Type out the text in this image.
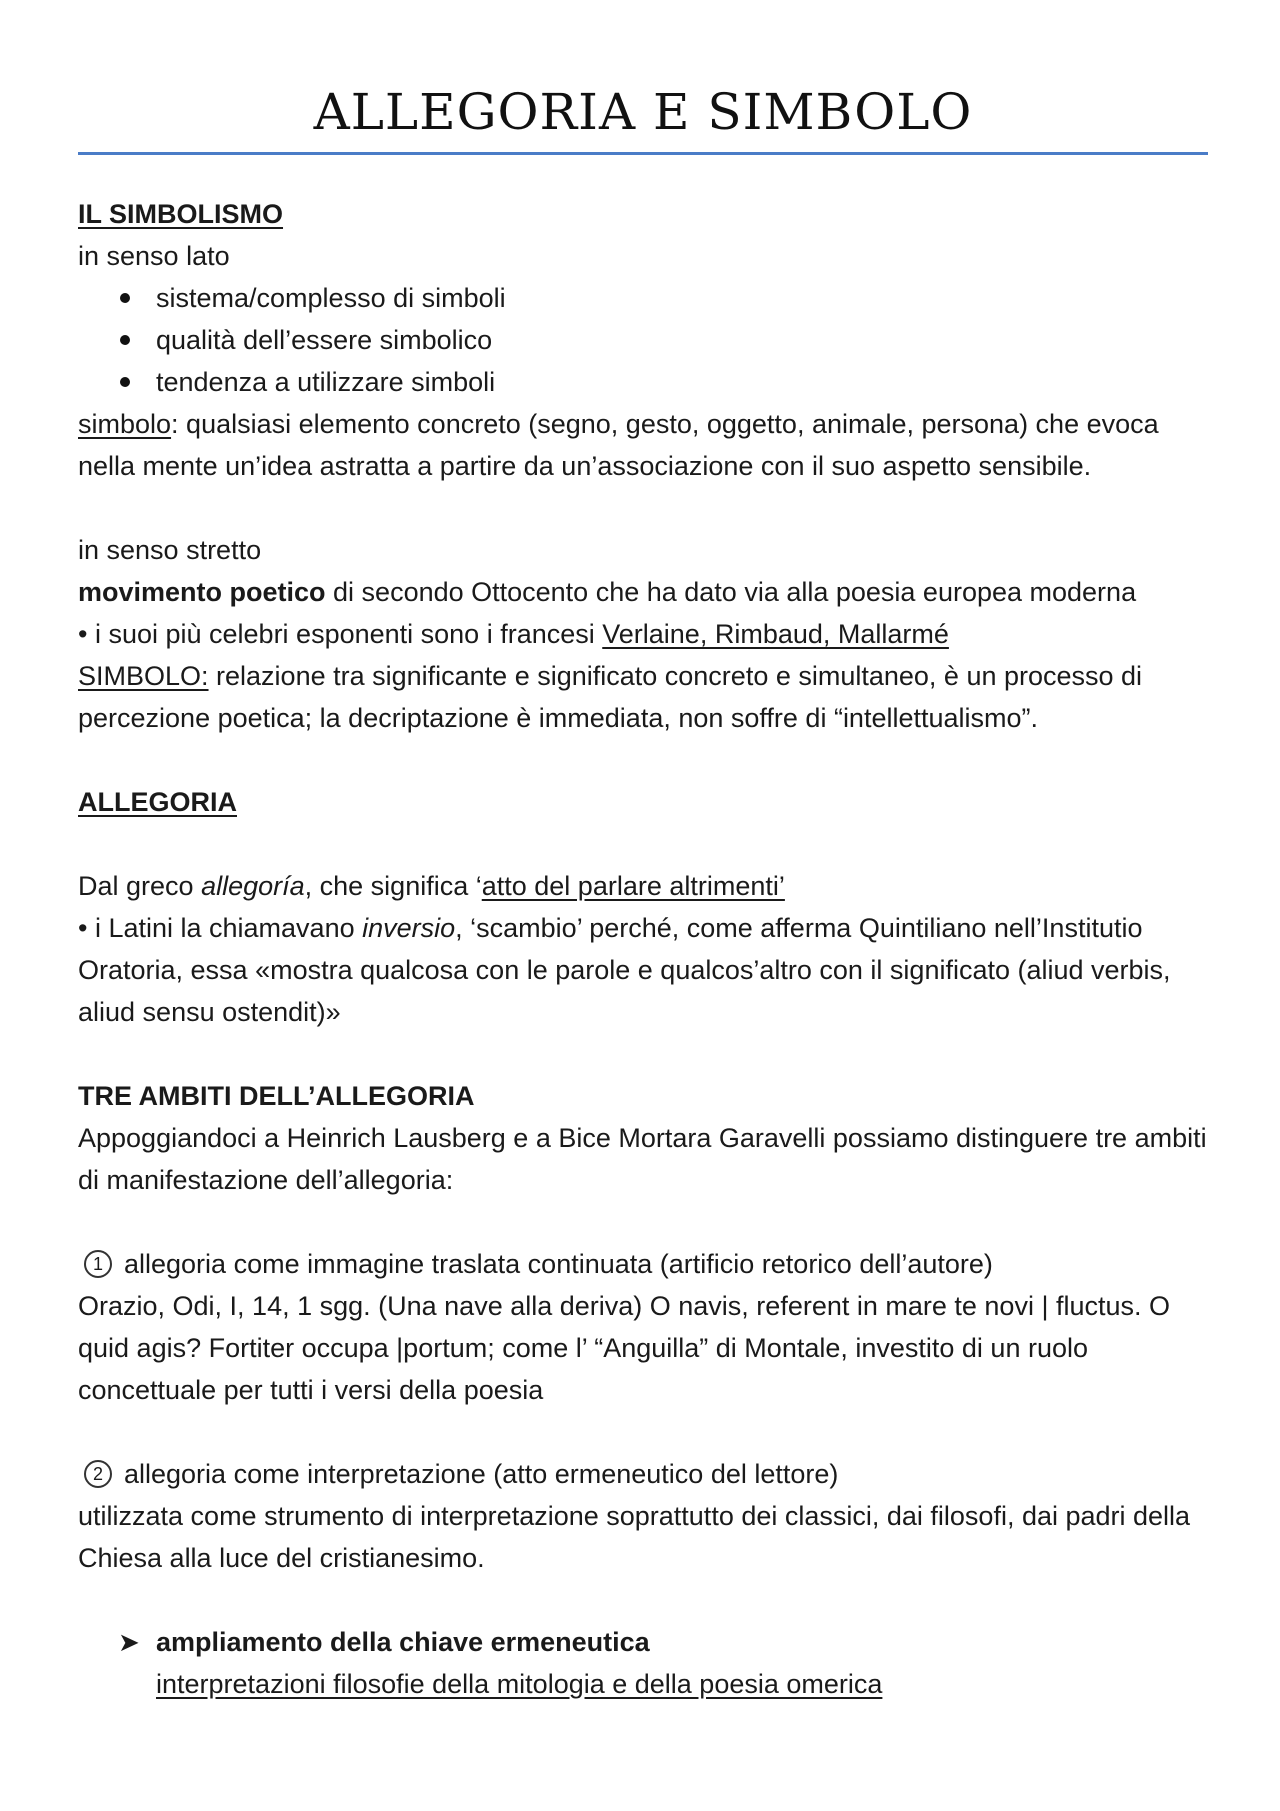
ALLEGORIA E SIMBOLO

IL SIMBOLISMO

in senso lato

sistema/complesso di simboli

qualità dell’essere simbolico

tendenza a utilizzare simboli

simbolo: qualsiasi elemento concreto (segno, gesto, oggetto, animale, persona) che evoca nella mente un’idea astratta a partire da un’associazione con il suo aspetto sensibile.

in senso stretto

movimento poetico di secondo Ottocento che ha dato via alla poesia europea moderna

• i suoi più celebri esponenti sono i francesi Verlaine, Rimbaud, Mallarmé

SIMBOLO: relazione tra significante e significato concreto e simultaneo, è un processo di percezione poetica; la decriptazione è immediata, non soffre di “intellettualismo”.

ALLEGORIA

Dal greco allegoría, che significa ‘atto del parlare altrimenti’

• i Latini la chiamavano inversio, ‘scambio’ perché, come afferma Quintiliano nell’Institutio Oratoria, essa «mostra qualcosa con le parole e qualcos’altro con il significato (aliud verbis, aliud sensu ostendit)»

TRE AMBITI DELL’ALLEGORIA

Appoggiandoci a Heinrich Lausberg e a Bice Mortara Garavelli possiamo distinguere tre ambiti di manifestazione dell’allegoria:

1 allegoria come immagine traslata continuata (artificio retorico dell’autore)

Orazio, Odi, I, 14, 1 sgg. (Una nave alla deriva) O navis, referent in mare te novi | fluctus. O quid agis? Fortiter occupa |portum; come l’ “Anguilla” di Montale, investito di un ruolo concettuale per tutti i versi della poesia

2 allegoria come interpretazione (atto ermeneutico del lettore)

utilizzata come strumento di interpretazione soprattutto dei classici, dai filosofi, dai padri della Chiesa alla luce del cristianesimo.

➤ ampliamento della chiave ermeneutica

interpretazioni filosofie della mitologia e della poesia omerica
